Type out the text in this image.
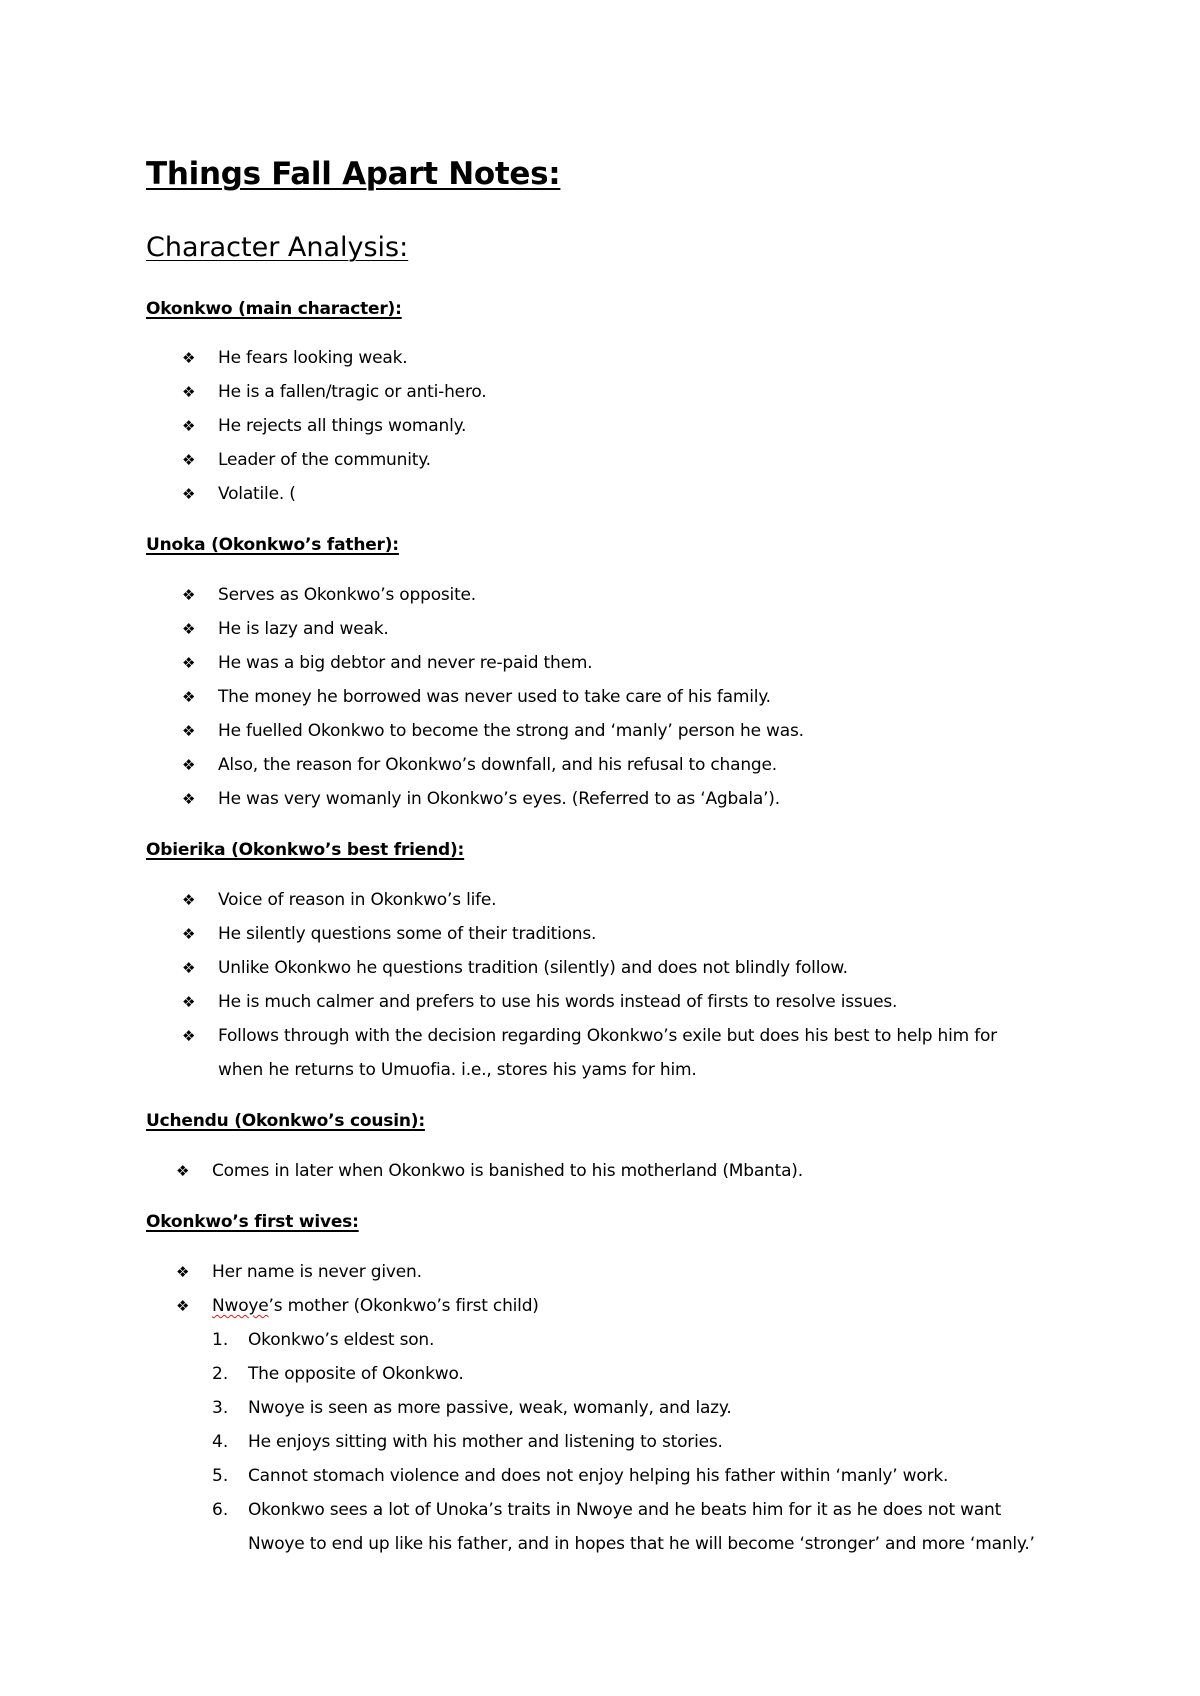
Things Fall Apart Notes:
Character Analysis:
Okonkwo (main character):
❖ He fears looking weak.
❖ He is a fallen/tragic or anti-hero.
❖ He rejects all things womanly.
❖ Leader of the community.
❖ Volatile. (
Unoka (Okonkwo’s father):
❖ Serves as Okonkwo’s opposite.
❖ He is lazy and weak.
❖ He was a big debtor and never re-paid them.
❖ The money he borrowed was never used to take care of his family.
❖ He fuelled Okonkwo to become the strong and ‘manly’ person he was.
❖ Also, the reason for Okonkwo’s downfall, and his refusal to change.
❖ He was very womanly in Okonkwo’s eyes. (Referred to as ‘Agbala’).
Obierika (Okonkwo’s best friend):
❖ Voice of reason in Okonkwo’s life.
❖ He silently questions some of their traditions.
❖ Unlike Okonkwo he questions tradition (silently) and does not blindly follow.
❖ He is much calmer and prefers to use his words instead of firsts to resolve issues.
❖ Follows through with the decision regarding Okonkwo’s exile but does his best to help him for
when he returns to Umuofia. i.e., stores his yams for him.
Uchendu (Okonkwo’s cousin):
❖ Comes in later when Okonkwo is banished to his motherland (Mbanta).
Okonkwo’s first wives:
❖ Her name is never given.
❖ Nwoye’s mother (Okonkwo’s first child)
1. Okonkwo’s eldest son.
2. The opposite of Okonkwo.
3. Nwoye is seen as more passive, weak, womanly, and lazy.
4. He enjoys sitting with his mother and listening to stories.
5. Cannot stomach violence and does not enjoy helping his father within ‘manly’ work.
6. Okonkwo sees a lot of Unoka’s traits in Nwoye and he beats him for it as he does not want
Nwoye to end up like his father, and in hopes that he will become ‘stronger’ and more ‘manly.’
